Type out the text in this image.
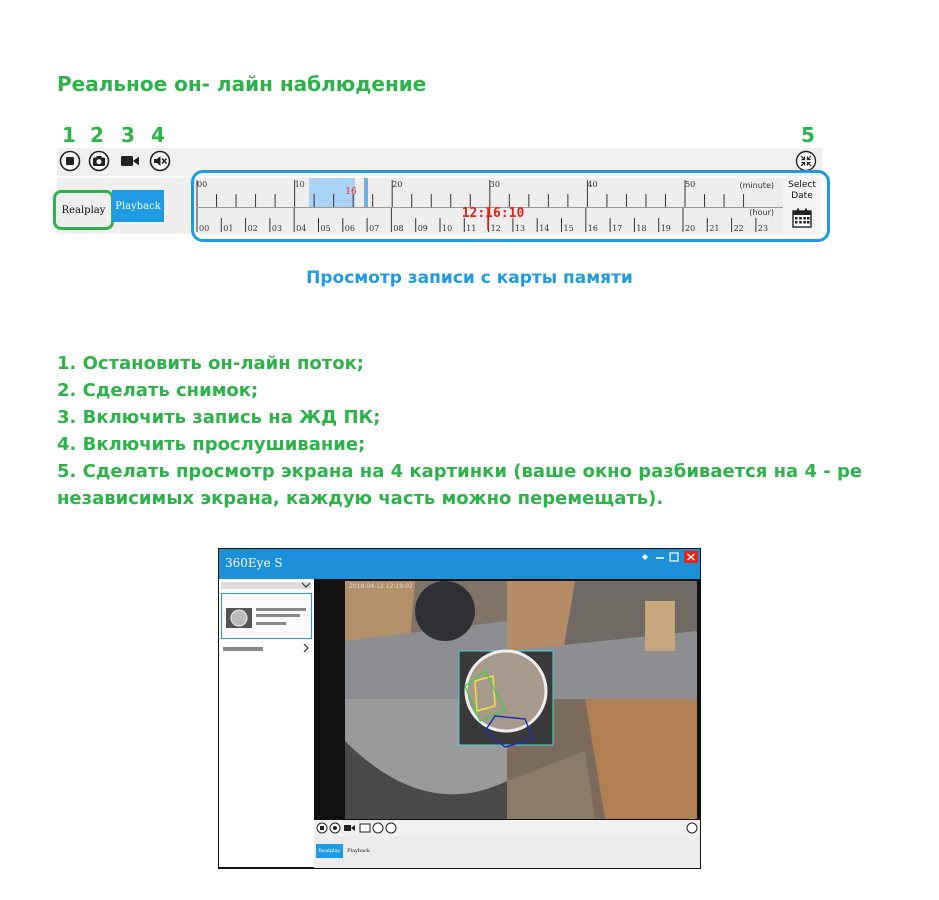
Реальное он- лайн наблюдение
1 2 3 4	5
Realplay Playback
00	10	20	30	40	50
00 01 02 03 04 05 06 07 08 09 10 11 12 13 14 15 16 17 18 19 20 21 22 23
(minute)
(hour)
16
12:16:10
Select
Date
Просмотр записи с карты памяти
1. Остановить он-лайн поток;
2. Сделать снимок;
3. Включить запись на ЖД ПК;
4. Включить прослушивание;
5. Сделать просмотр экрана на 4 картинки (ваше окно разбивается на 4 - ре
независимых экрана, каждую часть можно перемещать).
360Eye S
2018-04-12 12:19:02
Realplay	Playback
